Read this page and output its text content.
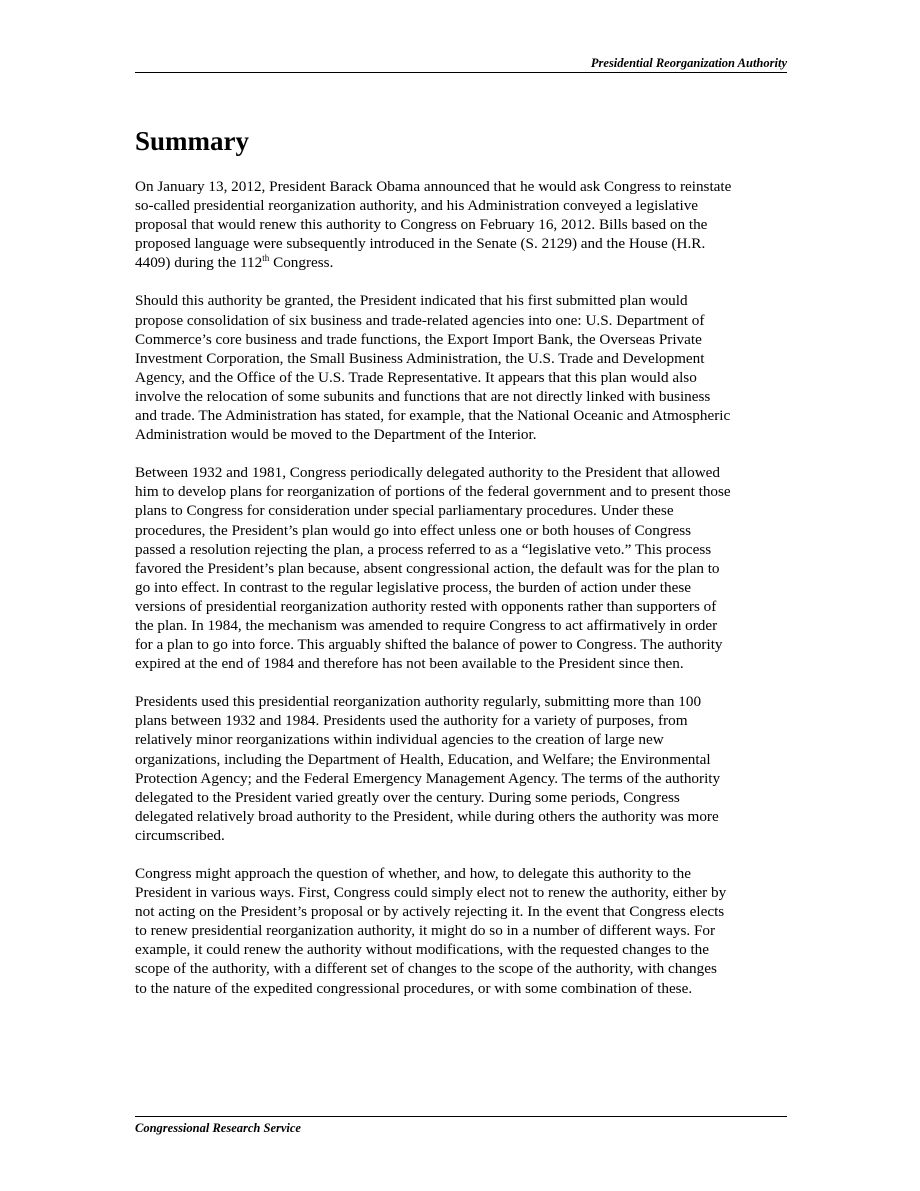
Presidential Reorganization Authority
Summary

On January 13, 2012, President Barack Obama announced that he would ask Congress to reinstate
so-called presidential reorganization authority, and his Administration conveyed a legislative
proposal that would renew this authority to Congress on February 16, 2012. Bills based on the
proposed language were subsequently introduced in the Senate (S. 2129) and the House (H.R.
4409) during the 112th Congress.

Should this authority be granted, the President indicated that his first submitted plan would
propose consolidation of six business and trade-related agencies into one: U.S. Department of
Commerce’s core business and trade functions, the Export Import Bank, the Overseas Private
Investment Corporation, the Small Business Administration, the U.S. Trade and Development
Agency, and the Office of the U.S. Trade Representative. It appears that this plan would also
involve the relocation of some subunits and functions that are not directly linked with business
and trade. The Administration has stated, for example, that the National Oceanic and Atmospheric
Administration would be moved to the Department of the Interior.

Between 1932 and 1981, Congress periodically delegated authority to the President that allowed
him to develop plans for reorganization of portions of the federal government and to present those
plans to Congress for consideration under special parliamentary procedures. Under these
procedures, the President’s plan would go into effect unless one or both houses of Congress
passed a resolution rejecting the plan, a process referred to as a “legislative veto.” This process
favored the President’s plan because, absent congressional action, the default was for the plan to
go into effect. In contrast to the regular legislative process, the burden of action under these
versions of presidential reorganization authority rested with opponents rather than supporters of
the plan. In 1984, the mechanism was amended to require Congress to act affirmatively in order
for a plan to go into force. This arguably shifted the balance of power to Congress. The authority
expired at the end of 1984 and therefore has not been available to the President since then.

Presidents used this presidential reorganization authority regularly, submitting more than 100
plans between 1932 and 1984. Presidents used the authority for a variety of purposes, from
relatively minor reorganizations within individual agencies to the creation of large new
organizations, including the Department of Health, Education, and Welfare; the Environmental
Protection Agency; and the Federal Emergency Management Agency. The terms of the authority
delegated to the President varied greatly over the century. During some periods, Congress
delegated relatively broad authority to the President, while during others the authority was more
circumscribed.

Congress might approach the question of whether, and how, to delegate this authority to the
President in various ways. First, Congress could simply elect not to renew the authority, either by
not acting on the President’s proposal or by actively rejecting it. In the event that Congress elects
to renew presidential reorganization authority, it might do so in a number of different ways. For
example, it could renew the authority without modifications, with the requested changes to the
scope of the authority, with a different set of changes to the scope of the authority, with changes
to the nature of the expedited congressional procedures, or with some combination of these.

Congressional Research Service
